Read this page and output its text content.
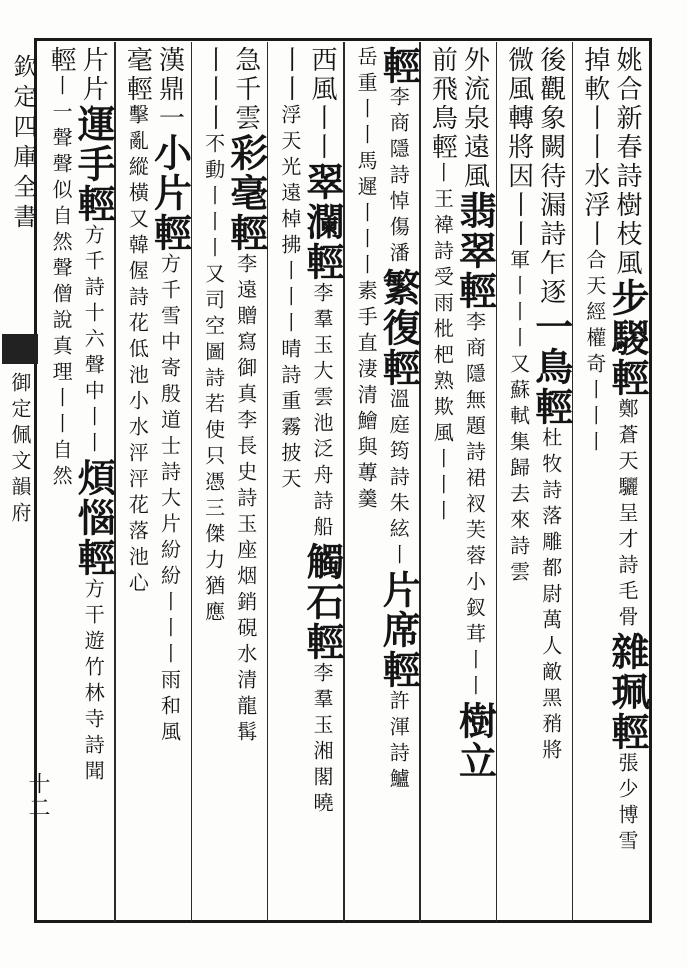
欽定四庫全書
御定佩文韻府
十二
姚合新春詩樹枝風步騣輕鄭蒼天驪呈才詩毛骨雜珮輕張少博雪
掉軟丨丨水浮丨合天經權奇丨丨丨
後觀象闕待漏詩乍逐一鳥輕杜牧詩落雕都尉萬人敵黑矟將
微風轉將因丨丨軍丨丨丨又蘇軾集歸去來詩雲
外流泉遠風翡翠輕李商隱無題詩裙衩芙蓉小釵茸丨丨樹立
前飛鳥輕丨王褘詩受雨枇杷熟欺風丨丨丨
輕李商隱詩悼傷潘繁復輕溫庭筠詩朱絃丨片席輕許渾詩鱸
岳重丨丨馬遲丨丨丨素手直淒清鱠與蓴羹
西風丨丨翠瀾輕李羣玉大雲池泛舟詩船觸石輕李羣玉湘閣曉
丨丨浮天光遠棹拂丨丨丨晴詩重霧披天
急千雲彩毫輕李遠贈寫御真李長史詩玉座烟銷硯水清龍髯
丨丨丨不動丨丨丨又司空圖詩若使只憑三傑力猶應
漢鼎一小片輕方千雪中寄殷道士詩大片紛紛丨丨丨雨和風
毫輕擊亂縱橫又韓偓詩花低池小水泙泙花落池心
片片運手輕方千詩十六聲中丨丨煩惱輕方干遊竹林寺詩聞
輕丨一聲聲似自然聲僧說真理丨丨自然
